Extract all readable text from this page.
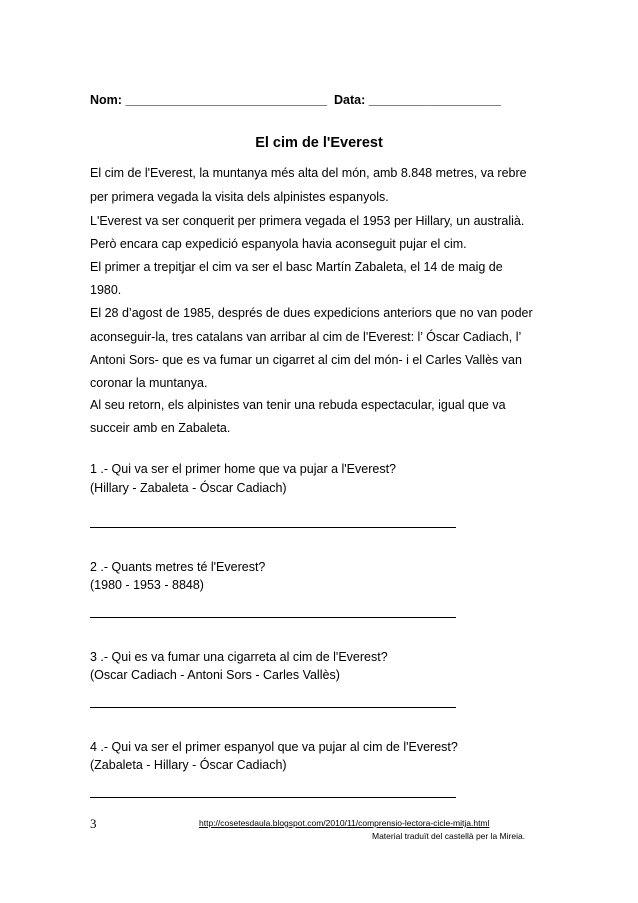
Nom: _____________________________ Data: ___________________
El cim de l'Everest
El cim de l'Everest, la muntanya més alta del món, amb 8.848 metres, va rebre
per primera vegada la visita dels alpinistes espanyols.
L'Everest va ser conquerit per primera vegada el 1953 per Hillary, un australià.
Però encara cap expedició espanyola havia aconseguit pujar el cim.
El primer a trepitjar el cim va ser el basc Martín Zabaleta, el 14 de maig de
1980.
El 28 d’agost de 1985, després de dues expedicions anteriors que no van poder
aconseguir-la, tres catalans van arribar al cim de l'Everest: l’ Óscar Cadiach, l’
Antoni Sors- que es va fumar un cigarret al cim del món- i el Carles Vallès van
coronar la muntanya.
Al seu retorn, els alpinistes van tenir una rebuda espectacular, igual que va
succeir amb en Zabaleta.
1 .- Qui va ser el primer home que va pujar a l'Everest?
(Hillary - Zabaleta - Óscar Cadiach)
2 .- Quants metres té l'Everest?
(1980 - 1953 - 8848)
3 .- Qui es va fumar una cigarreta al cim de l'Everest?
(Oscar Cadiach - Antoni Sors - Carles Vallès)
4 .- Qui va ser el primer espanyol que va pujar al cim de l'Everest?
(Zabaleta - Hillary - Óscar Cadiach)
3	http://cosetesdaula.blogspot.com/2010/11/comprensio-lectora-cicle-mitja.html
Material traduït del castellà per la Mireia.
